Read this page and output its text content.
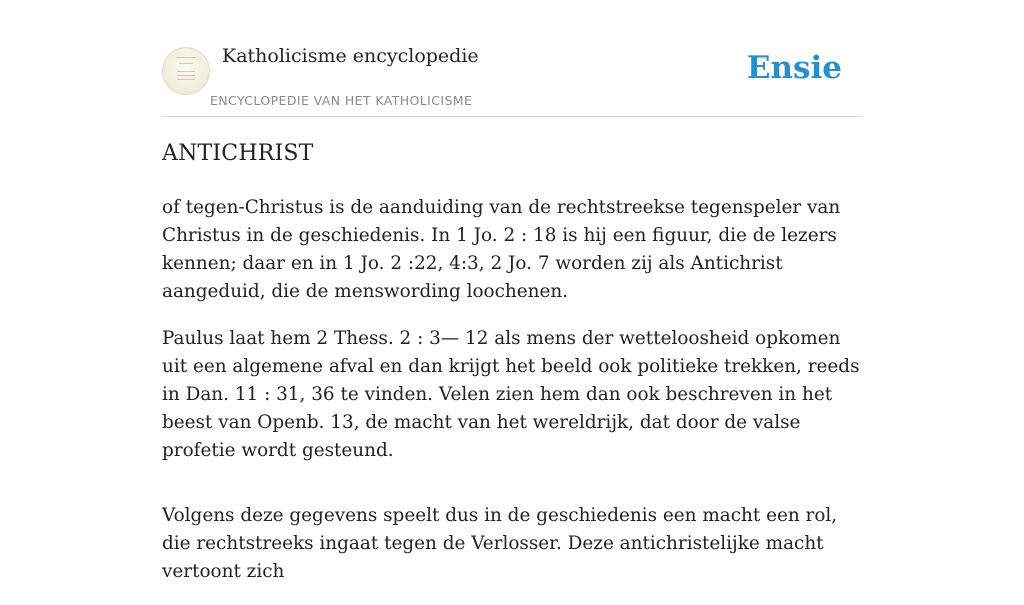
Katholicisme encyclopedie
ENCYCLOPEDIE VAN HET KATHOLICISME
Ensie
ANTICHRIST

of tegen-Christus is de aanduiding van de rechtstreekse tegenspeler van Christus in de geschiedenis. In 1 Jo. 2 : 18 is hij een figuur, die de lezers kennen; daar en in 1 Jo. 2 :22, 4:3, 2 Jo. 7 worden zij als Antichrist aangeduid, die de menswording loochenen.

Paulus laat hem 2 Thess. 2 : 3— 12 als mens der wetteloosheid opkomen uit een algemene afval en dan krijgt het beeld ook politieke trekken, reeds in Dan. 11 : 31, 36 te vinden. Velen zien hem dan ook beschreven in het beest van Openb. 13, de macht van het wereldrijk, dat door de valse profetie wordt gesteund.

Volgens deze gegevens speelt dus in de geschiedenis een macht een rol, die rechtstreeks ingaat tegen de Verlosser. Deze antichristelijke macht vertoont zich
